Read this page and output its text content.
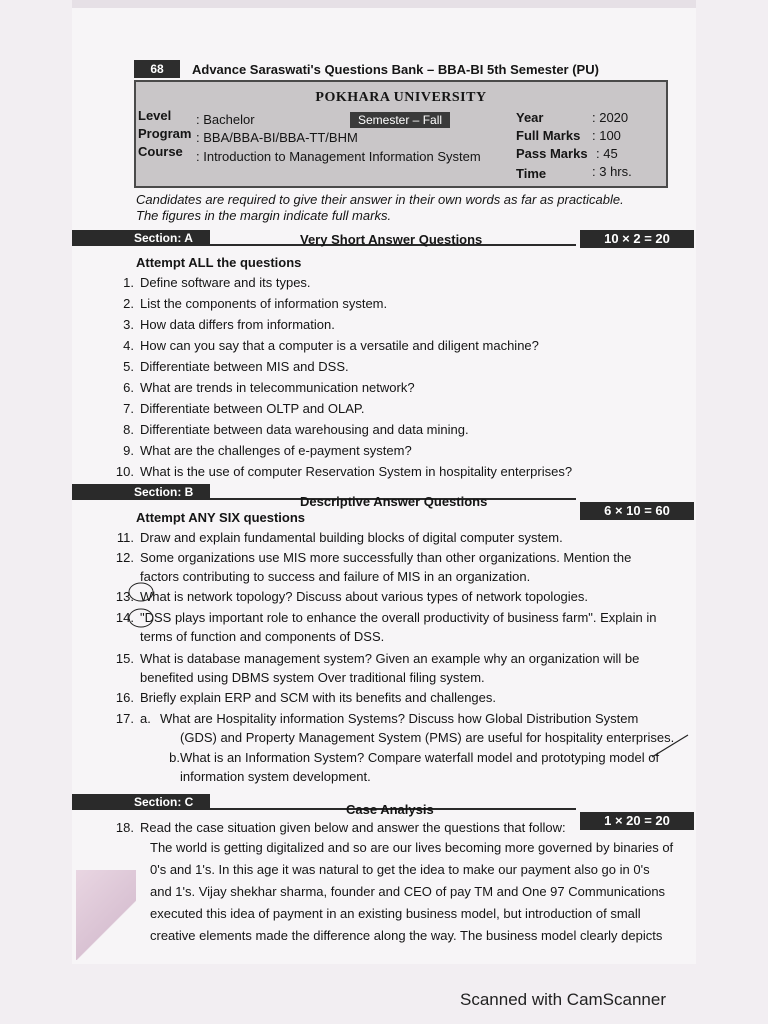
68	Advance Saraswati's Questions Bank – BBA-BI 5th Semester (PU)
POKHARA UNIVERSITY
Level : Bachelor	Semester – Fall
Program : BBA/BBA-BI/BBA-TT/BHM
Course : Introduction to Management Information System
Year	: 2020
Full Marks : 100
Pass Marks : 45
Time	: 3 hrs.
Candidates are required to give their answer in their own words as far as practicable.
The figures in the margin indicate full marks.
Section: A	Very Short Answer Questions	10 × 2 = 20
Attempt ALL the questions
1. Define software and its types.
2. List the components of information system.
3. How data differs from information.
4. How can you say that a computer is a versatile and diligent machine?
5. Differentiate between MIS and DSS.
6. What are trends in telecommunication network?
7. Differentiate between OLTP and OLAP.
8. Differentiate between data warehousing and data mining.
9. What are the challenges of e-payment system?
10. What is the use of computer Reservation System in hospitality enterprises?
Section: B
Descriptive Answer Questions
6 × 10 = 60
Attempt ANY SIX questions
11. Draw and explain fundamental building blocks of digital computer system.
12. Some organizations use MIS more successfully than other organizations. Mention the
factors contributing to success and failure of MIS in an organization.
13. What is network topology? Discuss about various types of network topologies.
14. "DSS plays important role to enhance the overall productivity of business farm". Explain in
terms of function and components of DSS.
15. What is database management system? Given an example why an organization will be
benefited using DBMS system Over traditional filing system.
16. Briefly explain ERP and SCM with its benefits and challenges.
17. a. What are Hospitality information Systems? Discuss how Global Distribution System
(GDS) and Property Management System (PMS) are useful for hospitality enterprises.
b.What is an Information System? Compare waterfall model and prototyping model of
information system development.
Section: C	Case Analysis
1 × 20 = 20
18. Read the case situation given below and answer the questions that follow:
The world is getting digitalized and so are our lives becoming more governed by binaries of
0's and 1's. In this age it was natural to get the idea to make our payment also go in 0's
and 1's. Vijay shekhar sharma, founder and CEO of pay TM and One 97 Communications
executed this idea of payment in an existing business model, but introduction of small
creative elements made the difference along the way. The business model clearly depicts
Scanned with CamScanner
